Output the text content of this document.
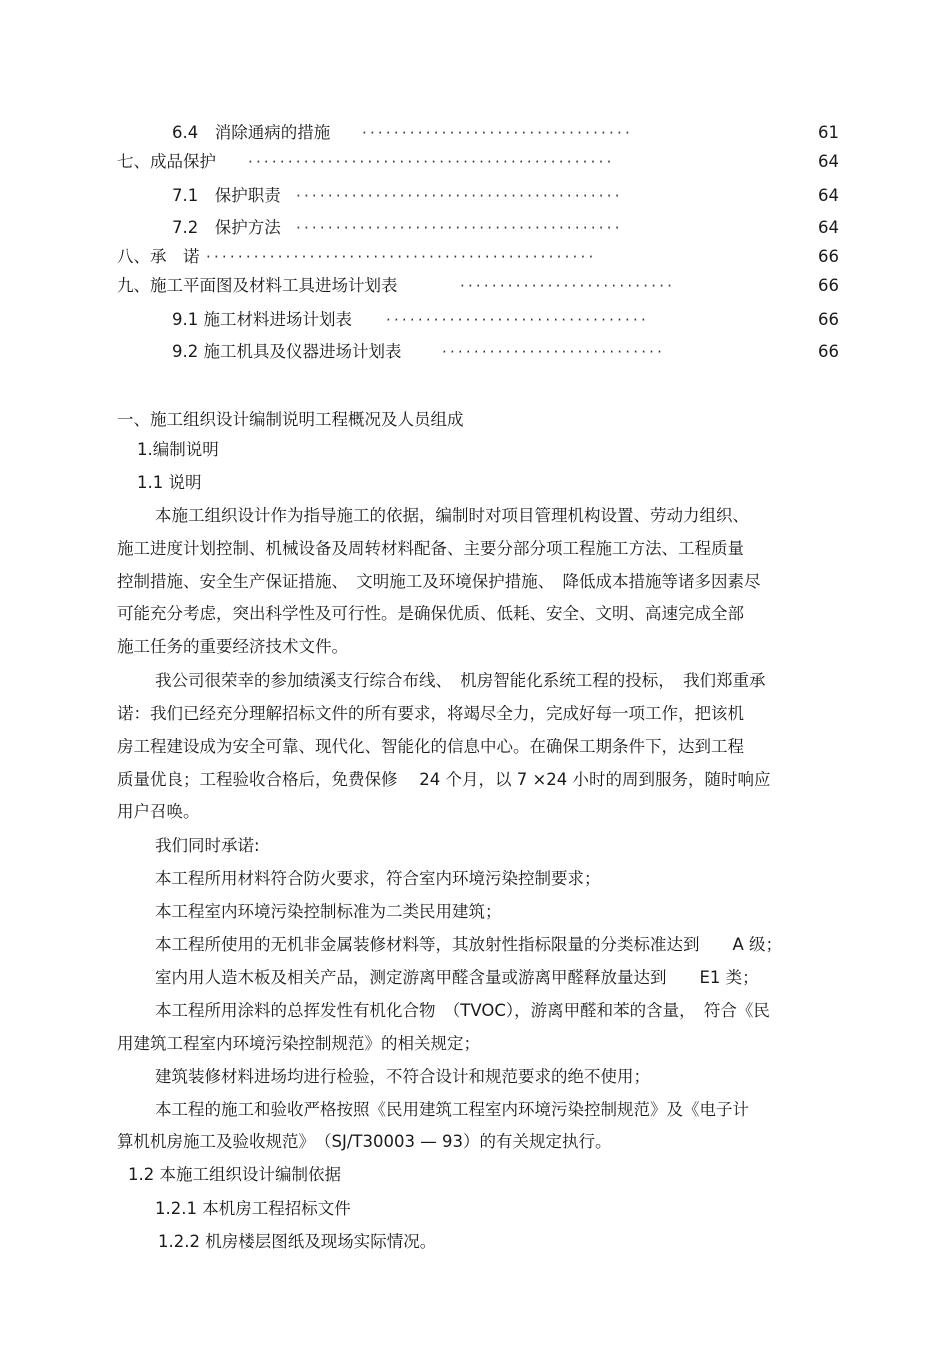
6.4　消除通病的措施 ··································	61
七、成品保护 ··············································	64
7.1　保护职责 ·········································	64
7.2　保护方法 ·········································	64
八、承　诺 ·················································	66
九、施工平面图及材料工具进场计划表	···························	66
9.1 施工材料进场计划表 ·································	66
9.2 施工机具及仪器进场计划表	····························	66
一、施工组织设计编制说明工程概况及人员组成
1.编制说明
1.1 说明
本施工组织设计作为指导施工的依据，编制时对项目管理机构设置、劳动力组织、
施工进度计划控制、机械设备及周转材料配备、主要分部分项工程施工方法、工程质量
控制措施、安全生产保证措施、　文明施工及环境保护措施、　降低成本措施等诸多因素尽
可能充分考虑，突出科学性及可行性。是确保优质、低耗、安全、文明、高速完成全部
施工任务的重要经济技术文件。
我公司很荣幸的参加绩溪支行综合布线、　机房智能化系统工程的投标，　我们郑重承
诺：我们已经充分理解招标文件的所有要求，将竭尽全力，完成好每一项工作，把该机
房工程建设成为安全可靠、现代化、智能化的信息中心。在确保工期条件下，达到工程
质量优良；工程验收合格后，免费保修　 24 个月，以 7 ×24 小时的周到服务，随时响应
用户召唤。
我们同时承诺:
本工程所用材料符合防火要求，符合室内环境污染控制要求；
本工程室内环境污染控制标准为二类民用建筑；
本工程所使用的无机非金属装修材料等，其放射性指标限量的分类标准达到　　A 级；
室内用人造木板及相关产品，测定游离甲醛含量或游离甲醛释放量达到　　E1 类；
本工程所用涂料的总挥发性有机化合物　（TVOC），游离甲醛和苯的含量，　符合《民
用建筑工程室内环境污染控制规范》的相关规定；
建筑装修材料进场均进行检验，不符合设计和规范要求的绝不使用；
本工程的施工和验收严格按照《民用建筑工程室内环境污染控制规范》及《电子计
算机机房施工及验收规范》　（SJ/T30003 — 93）的有关规定执行。
1.2 本施工组织设计编制依据
1.2.1 本机房工程招标文件
1.2.2 机房楼层图纸及现场实际情况。
